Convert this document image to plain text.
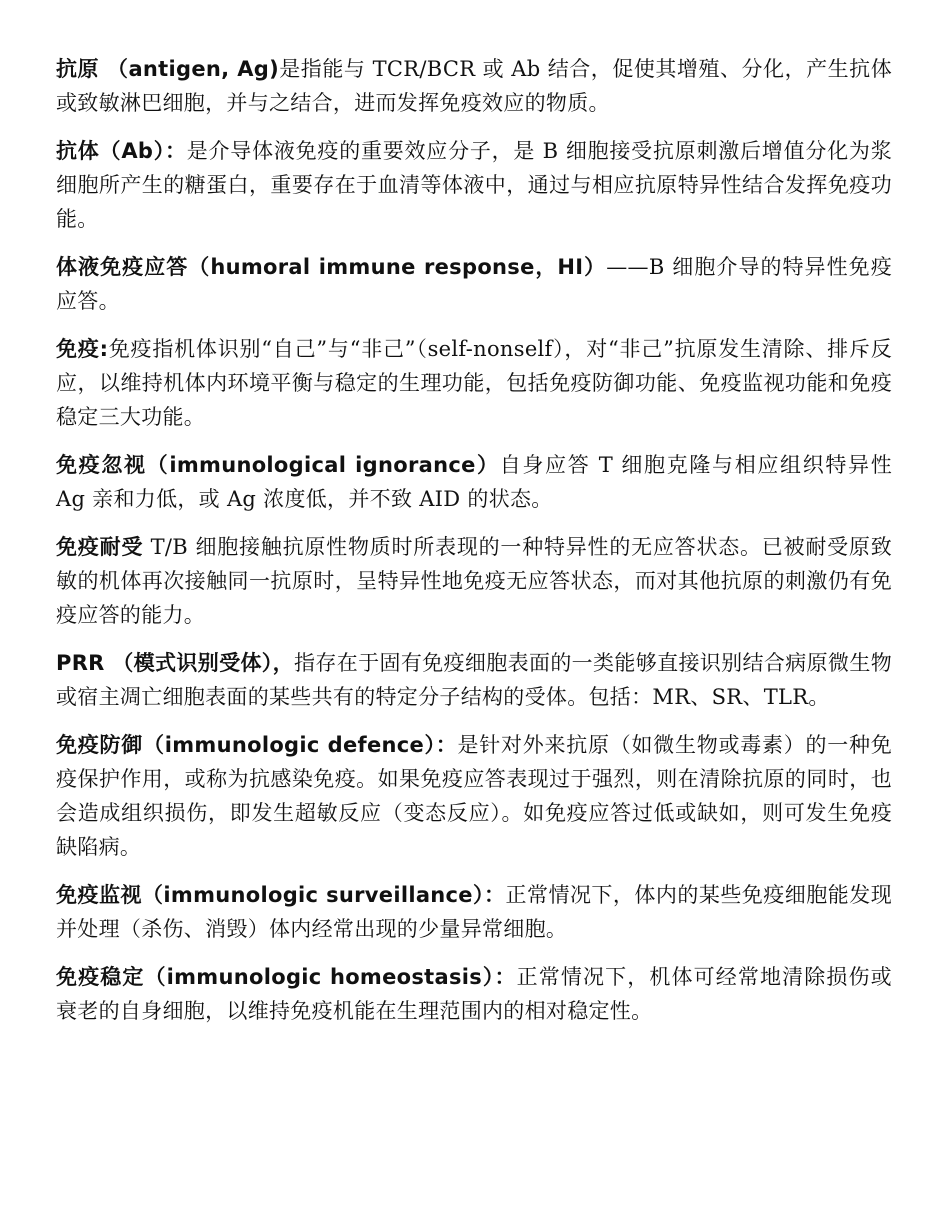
抗原 （antigen, Ag)是指能与 TCR/BCR 或 Ab 结合，促使其增殖、分化，产生抗体或致敏淋巴细胞，并与之结合，进而发挥免疫效应的物质。

抗体（Ab）：是介导体液免疫的重要效应分子，是 B 细胞接受抗原刺激后增值分化为浆细胞所产生的糖蛋白，重要存在于血清等体液中，通过与相应抗原特异性结合发挥免疫功能。

体液免疫应答（humoral immune response，HI）——B 细胞介导的特异性免疫应答。

免疫:免疫指机体识别“自己”与“非己”（self-nonself），对“非己”抗原发生清除、排斥反应，以维持机体内环境平衡与稳定的生理功能，包括免疫防御功能、免疫监视功能和免疫稳定三大功能。

免疫忽视（immunological ignorance）自身应答 T 细胞克隆与相应组织特异性 Ag 亲和力低，或 Ag 浓度低，并不致 AID 的状态。

免疫耐受 T/B 细胞接触抗原性物质时所表现的一种特异性的无应答状态。已被耐受原致敏的机体再次接触同一抗原时，呈特异性地免疫无应答状态，而对其他抗原的刺激仍有免疫应答的能力。

PRR （模式识别受体），指存在于固有免疫细胞表面的一类能够直接识别结合病原微生物或宿主凋亡细胞表面的某些共有的特定分子结构的受体。包括：MR、SR、TLR。

免疫防御（immunologic defence）：是针对外来抗原（如微生物或毒素）的一种免疫保护作用，或称为抗感染免疫。如果免疫应答表现过于强烈，则在清除抗原的同时，也会造成组织损伤，即发生超敏反应（变态反应）。如免疫应答过低或缺如，则可发生免疫缺陷病。

免疫监视（immunologic surveillance）：正常情况下，体内的某些免疫细胞能发现并处理（杀伤、消毁）体内经常出现的少量异常细胞。

免疫稳定（immunologic homeostasis）：正常情况下，机体可经常地清除损伤或衰老的自身细胞，以维持免疫机能在生理范围内的相对稳定性。
